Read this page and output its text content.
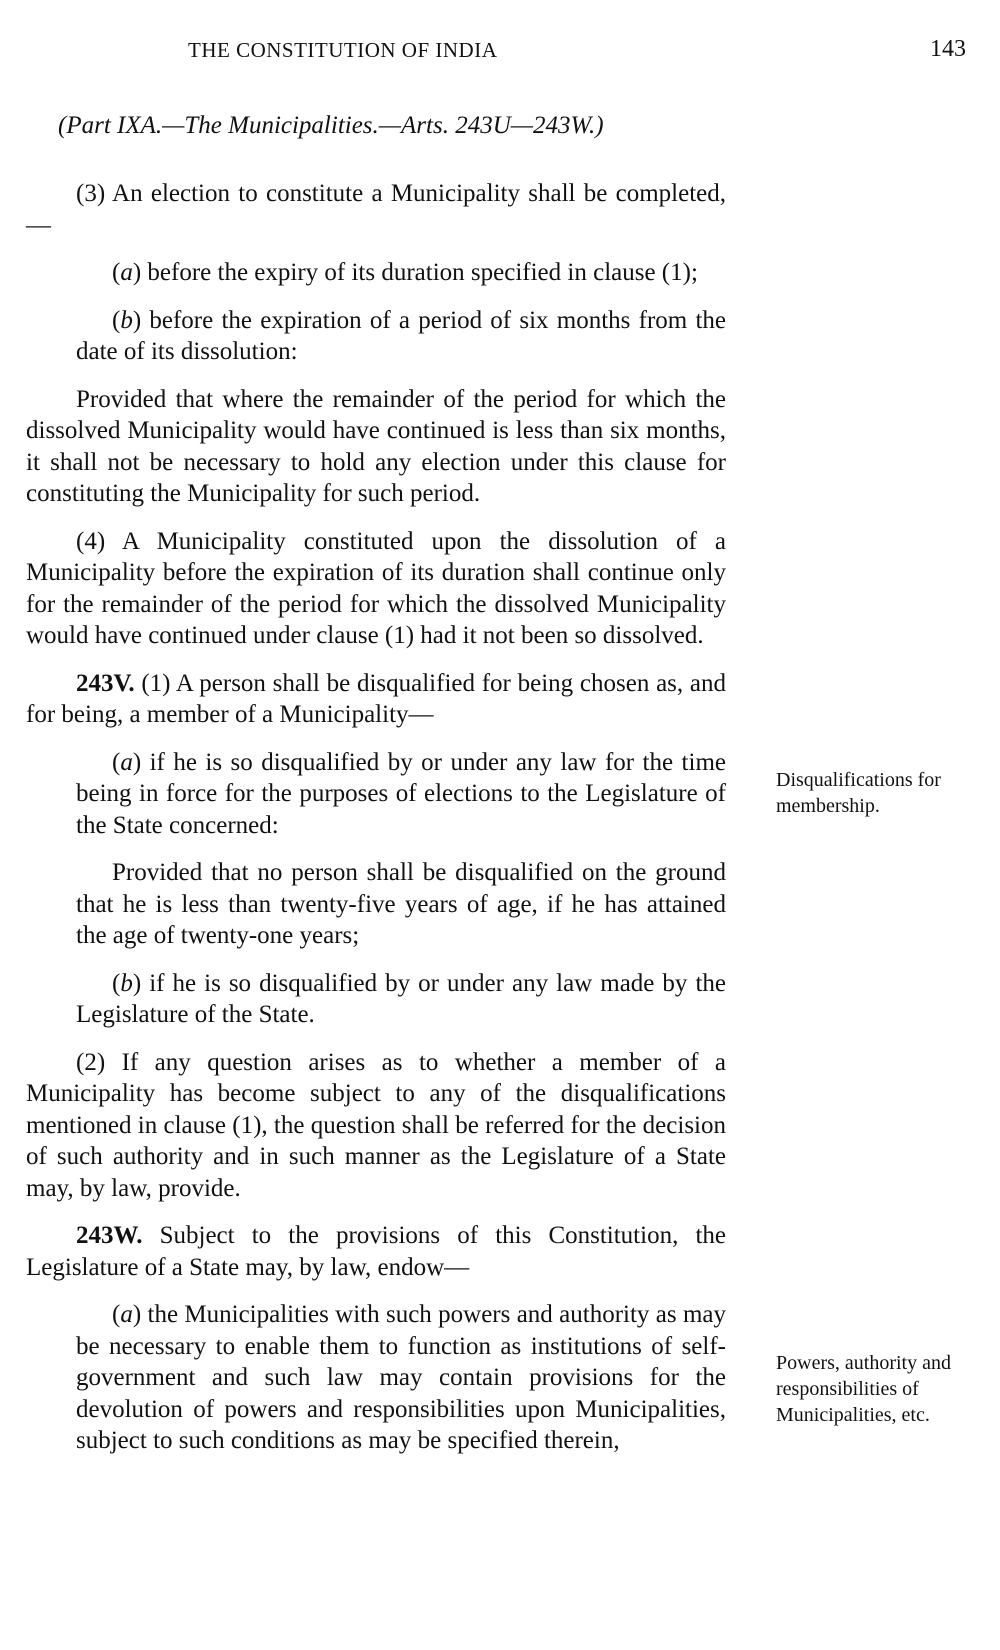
THE CONSTITUTION OF INDIA	143
(Part IXA.—The Municipalities.—Arts. 243U—243W.)

(3) An election to constitute a Municipality shall be completed,—

(a) before the expiry of its duration specified in clause (1);

(b) before the expiration of a period of six months from the date of its dissolution:

Provided that where the remainder of the period for which the dissolved Municipality would have continued is less than six months, it shall not be necessary to hold any election under this clause for constituting the Municipality for such period.

(4) A Municipality constituted upon the dissolution of a Municipality before the expiration of its duration shall continue only for the remainder of the period for which the dissolved Municipality would have continued under clause (1) had it not been so dissolved.

243V. (1) A person shall be disqualified for being chosen as, and for being, a member of a Municipality—

(a) if he is so disqualified by or under any law for the time being in force for the purposes of elections to the Legislature of the State concerned:

Provided that no person shall be disqualified on the ground that he is less than twenty-five years of age, if he has attained the age of twenty-one years;

(b) if he is so disqualified by or under any law made by the Legislature of the State.

(2) If any question arises as to whether a member of a Municipality has become subject to any of the disqualifications mentioned in clause (1), the question shall be referred for the decision of such authority and in such manner as the Legislature of a State may, by law, provide.

243W. Subject to the provisions of this Constitution, the Legislature of a State may, by law, endow—

(a) the Municipalities with such powers and authority as may be necessary to enable them to function as institutions of self-government and such law may contain provisions for the devolution of powers and responsibilities upon Municipalities, subject to such conditions as may be specified therein,

Disqualifications for membership.
Powers, authority and responsibilities of Municipalities, etc.
